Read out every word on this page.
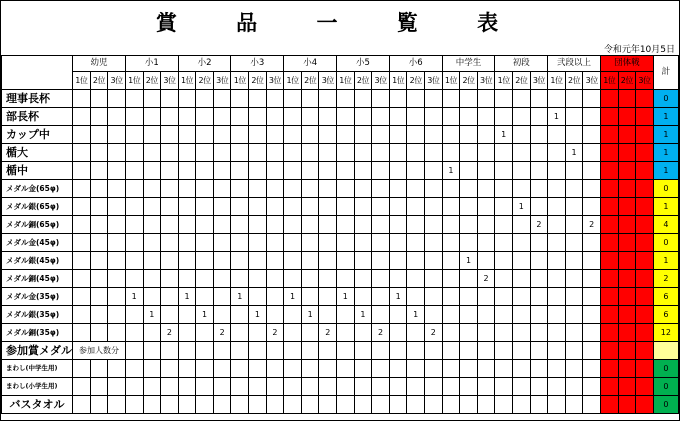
賞 品 一 覧 表
令和元年10月5日
	幼児			小1			小2			小3			小4			小5			小6			中学生			初段			弐段以上			団体戦			計
	1位	2位	3位	1位	2位	3位	1位	2位	3位	1位	2位	3位	1位	2位	3位	1位	2位	3位	1位	2位	3位	1位	2位	3位	1位	2位	3位	1位	2位	3位	1位	2位	3位	
理事長杯																																		0
部長杯																												1						1
カップ中																									1									1
楯大																													1					1
楯中																						1												1
メダル金(65φ)																																		0
メダル銀(65φ)																										1								1
メダル銅(65φ)																											2			2				4
メダル金(45φ)																																		0
メダル銀(45φ)																							1											1
メダル銅(45φ)																								2										2
メダル金(35φ)				1			1			1			1			1			1															6
メダル銀(35φ)					1			1			1			1			1			1														6
メダル銅(35φ)						2			2			2			2			2			2													12
参加賞メダル	参加人数分																																	
まわし(中学生用)																																		0
まわし(小学生用)																																		0
バスタオル																																		0
